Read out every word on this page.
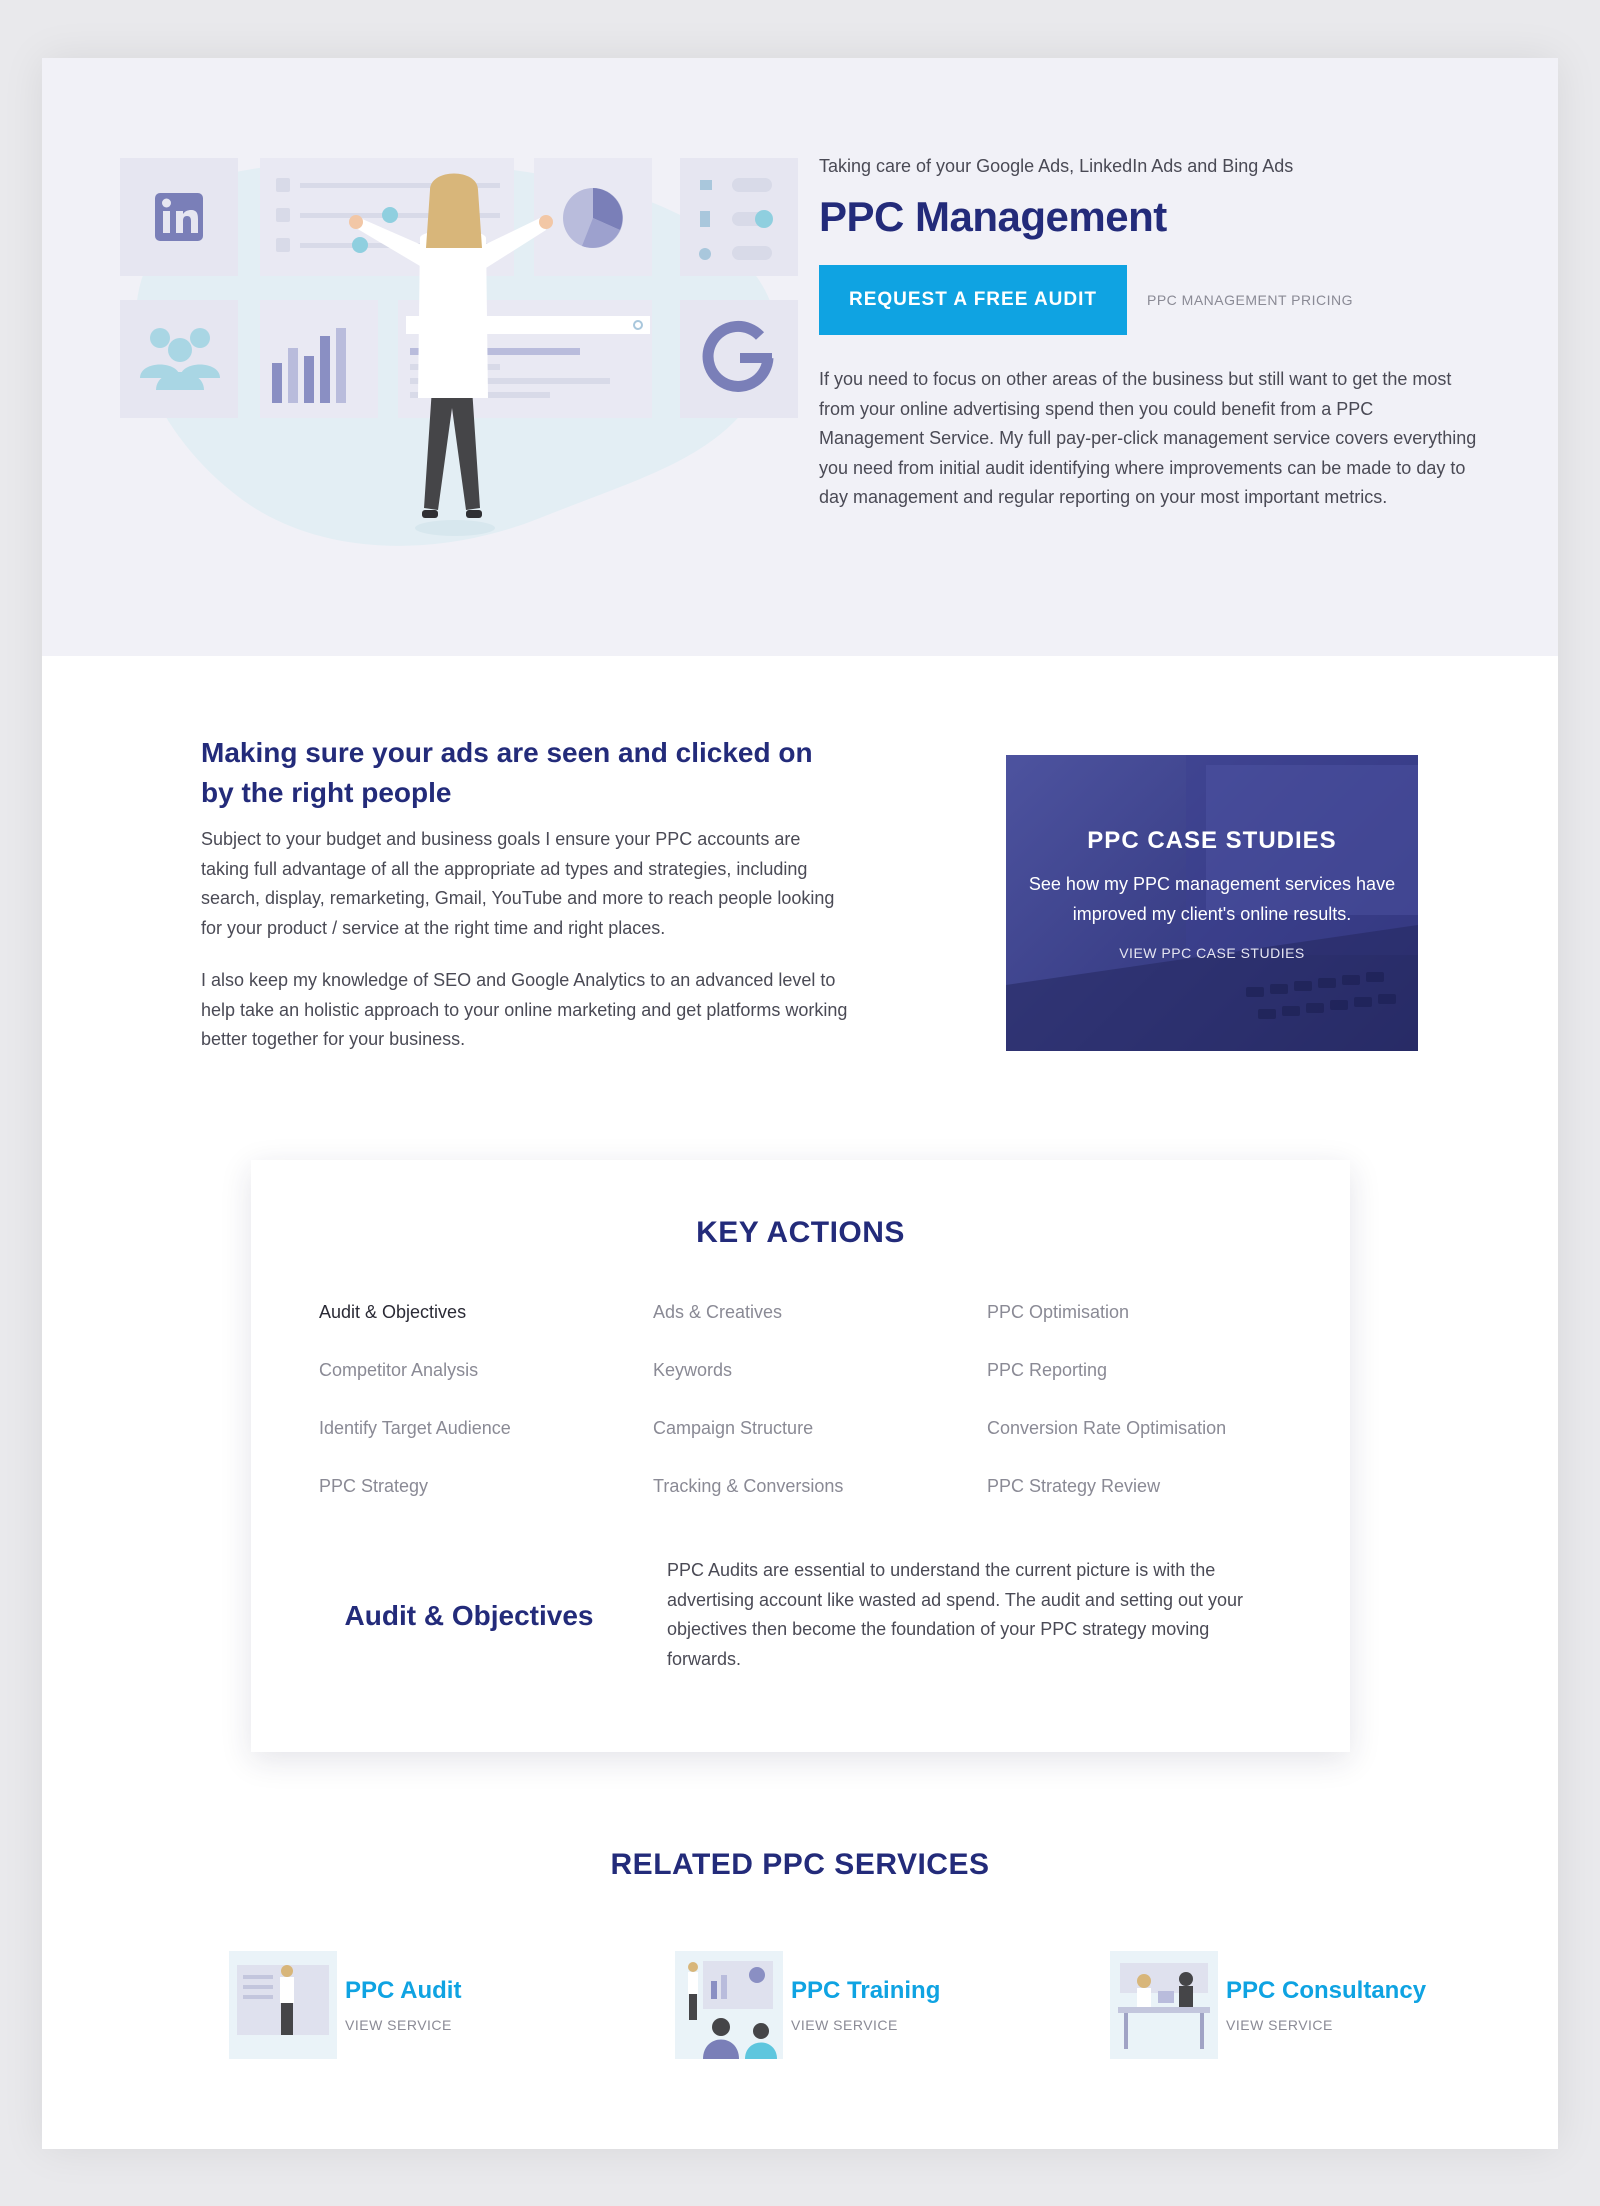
Taking care of your Google Ads, LinkedIn Ads and Bing Ads
PPC Management
REQUEST A FREE AUDIT	PPC MANAGEMENT PRICING

If you need to focus on other areas of the business but still want to get the most from your online advertising spend then you could benefit from a PPC Management Service. My full pay-per-click management service covers everything you need from initial audit identifying where improvements can be made to day to day management and regular reporting on your most important metrics.

Making sure your ads are seen and clicked on by the right people

Subject to your budget and business goals I ensure your PPC accounts are taking full advantage of all the appropriate ad types and strategies, including search, display, remarketing, Gmail, YouTube and more to reach people looking for your product / service at the right time and right places.

I also keep my knowledge of SEO and Google Analytics to an advanced level to help take an holistic approach to your online marketing and get platforms working better together for your business.

PPC CASE STUDIES
See how my PPC management services have improved my client's online results.
VIEW PPC CASE STUDIES
KEY ACTIONS
Audit & Objectives	Ads & Creatives	PPC Optimisation
Competitor Analysis	Keywords	PPC Reporting
Identify Target Audience	Campaign Structure	Conversion Rate Optimisation
PPC Strategy	Tracking & Conversions	PPC Strategy Review
Audit & Objectives

PPC Audits are essential to understand the current picture is with the advertising account like wasted ad spend. The audit and setting out your objectives then become the foundation of your PPC strategy moving forwards.

RELATED PPC SERVICES
PPC Audit
VIEW SERVICE
PPC Training
VIEW SERVICE
PPC Consultancy
VIEW SERVICE
